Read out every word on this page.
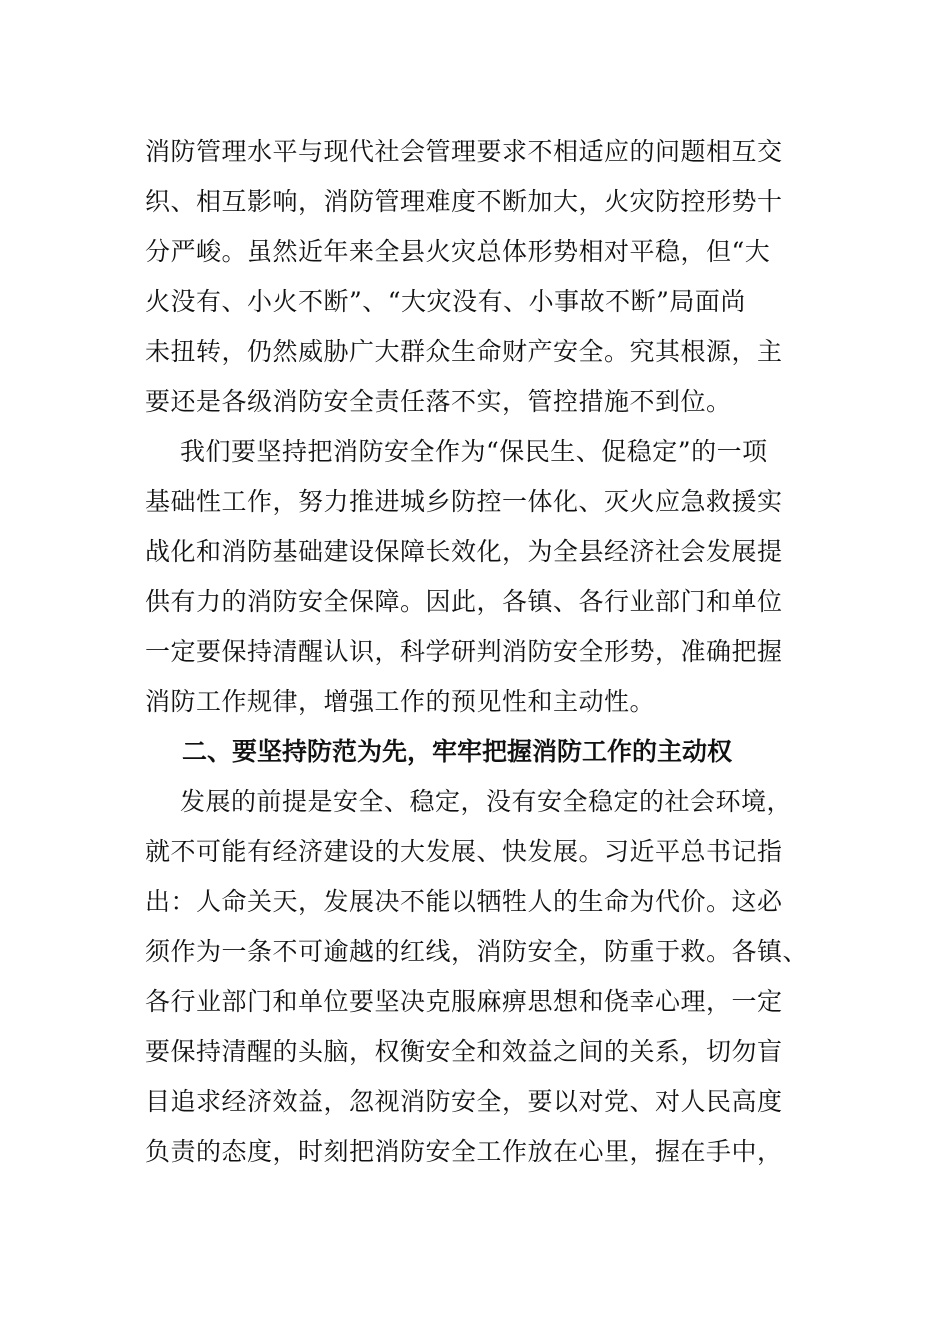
消防管理水平与现代社会管理要求不相适应的问题相互交
织、相互影响，消防管理难度不断加大，火灾防控形势十
分严峻。虽然近年来全县火灾总体形势相对平稳，但“大
火没有、小火不断”、“大灾没有、小事故不断”局面尚
未扭转，仍然威胁广大群众生命财产安全。究其根源，主
要还是各级消防安全责任落不实，管控措施不到位。
我们要坚持把消防安全作为“保民生、促稳定”的一项
基础性工作，努力推进城乡防控一体化、灭火应急救援实
战化和消防基础建设保障长效化，为全县经济社会发展提
供有力的消防安全保障。因此，各镇、各行业部门和单位
一定要保持清醒认识，科学研判消防安全形势，准确把握
消防工作规律，增强工作的预见性和主动性。
二、要坚持防范为先，牢牢把握消防工作的主动权
发展的前提是安全、稳定，没有安全稳定的社会环境，
就不可能有经济建设的大发展、快发展。习近平总书记指
出：人命关天，发展决不能以牺牲人的生命为代价。这必
须作为一条不可逾越的红线，消防安全，防重于救。各镇、
各行业部门和单位要坚决克服麻痹思想和侥幸心理，一定
要保持清醒的头脑，权衡安全和效益之间的关系，切勿盲
目追求经济效益，忽视消防安全，要以对党、对人民高度
负责的态度，时刻把消防安全工作放在心里，握在手中，
